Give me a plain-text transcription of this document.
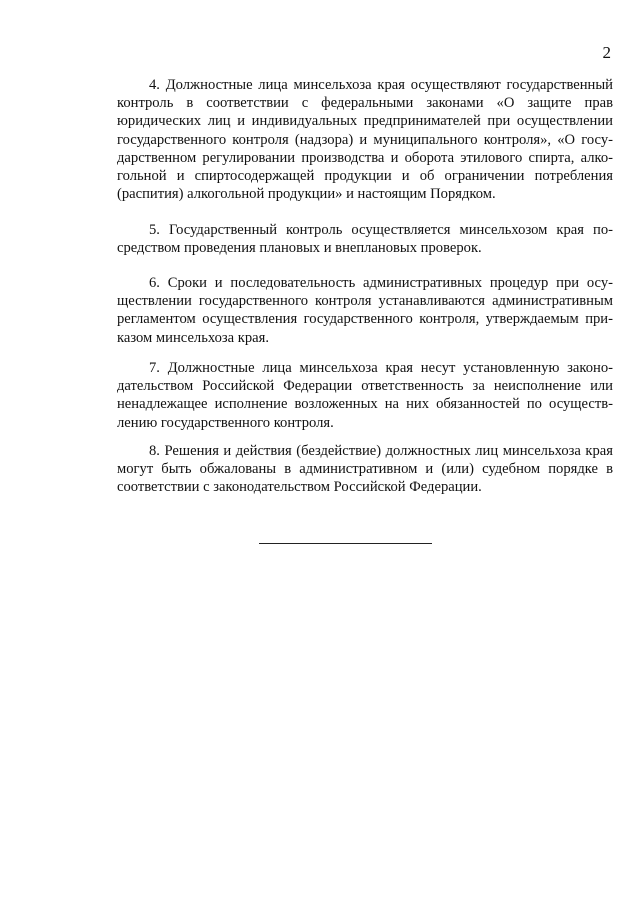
2

4. Должностные лица минсельхоза края осуществляют государственный контроль в соответствии с федеральными законами «О защите прав юридических лиц и индивидуальных предпринимателей при осуществлении государственного контроля (надзора) и муниципального контроля», «О государственном регулировании производства и оборота этилового спирта, алкогольной и спиртосодержащей продукции и об ограничении потребления (распития) алкогольной продукции» и настоящим Порядком.

5. Государственный контроль осуществляется минсельхозом края посредством проведения плановых и внеплановых проверок.

6. Сроки и последовательность административных процедур при осуществлении государственного контроля устанавливаются административным регламентом осуществления государственного контроля, утверждаемым приказом минсельхоза края.

7. Должностные лица минсельхоза края несут установленную законодательством Российской Федерации ответственность за неисполнение или ненадлежащее исполнение возложенных на них обязанностей по осуществлению государственного контроля.

8. Решения и действия (бездействие) должностных лиц минсельхоза края могут быть обжалованы в административном и (или) судебном порядке в соответствии с законодательством Российской Федерации.
